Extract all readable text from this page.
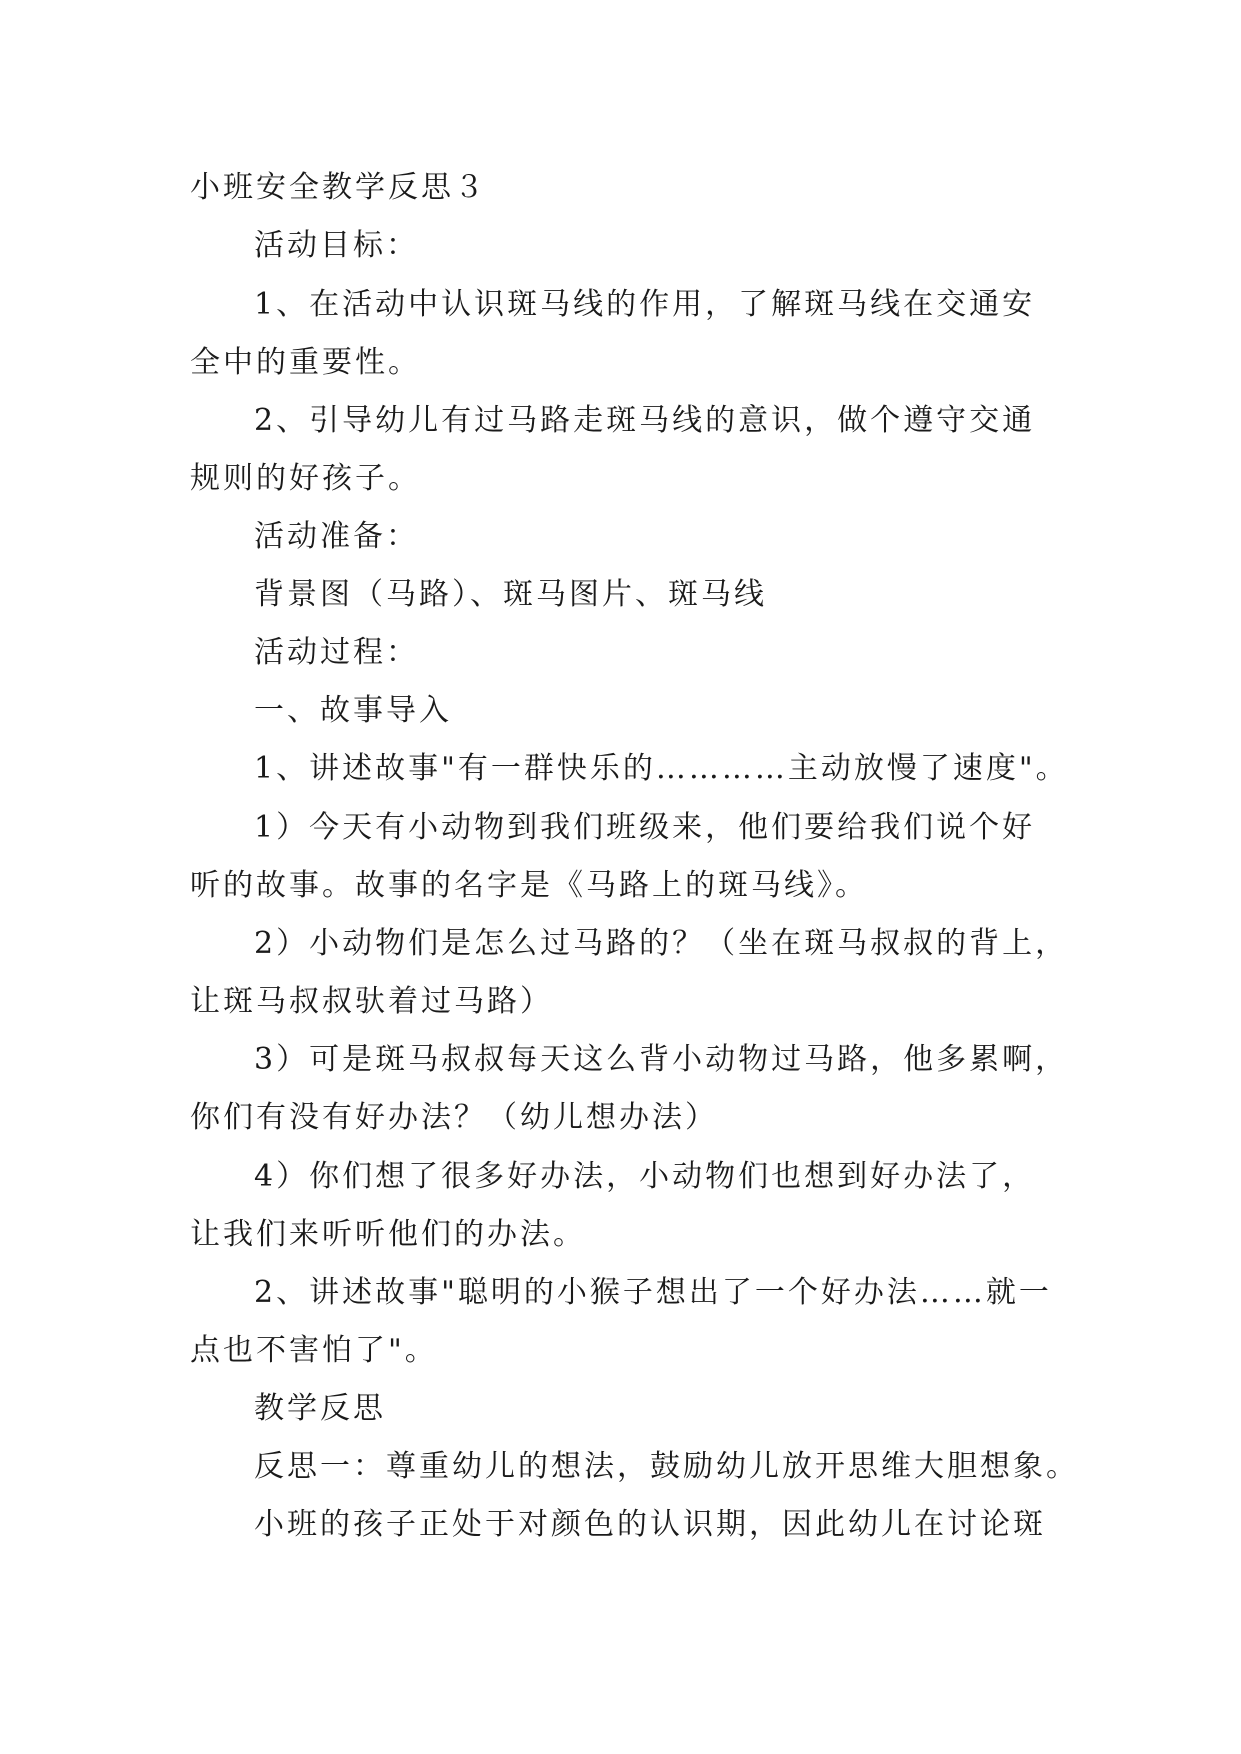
小班安全教学反思３
活动目标：
1、在活动中认识斑马线的作用，了解斑马线在交通安
全中的重要性。
2、引导幼儿有过马路走斑马线的意识，做个遵守交通
规则的好孩子。
活动准备：
背景图（马路）、斑马图片、斑马线
活动过程：
一、故事导入
1、讲述故事"有一群快乐的…………主动放慢了速度"。
1）今天有小动物到我们班级来，他们要给我们说个好
听的故事。故事的名字是《马路上的斑马线》。
2）小动物们是怎么过马路的？（坐在斑马叔叔的背上，
让斑马叔叔驮着过马路）
3）可是斑马叔叔每天这么背小动物过马路，他多累啊，
你们有没有好办法？（幼儿想办法）
4）你们想了很多好办法，小动物们也想到好办法了，
让我们来听听他们的办法。
2、讲述故事"聪明的小猴子想出了一个好办法……就一
点也不害怕了"。
教学反思
反思一：尊重幼儿的想法，鼓励幼儿放开思维大胆想象。
小班的孩子正处于对颜色的认识期，因此幼儿在讨论斑
